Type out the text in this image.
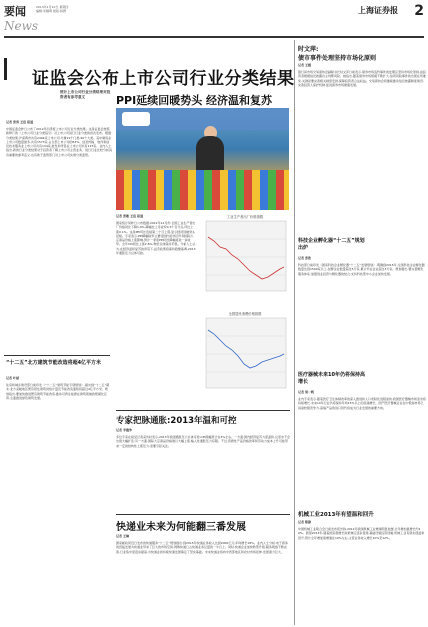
要闻
News
2013年1月10日 星期四
编辑:朱耀明 组版:杨群	上海证券报 2
证监会公布上市公司行业分类结果
统计上市公司行业分类结果对投资者有参考意义
记者 张勇 王佳 报道
中国证监会昨日公布了2012年四季度上市公司行业分类结果。这是证监会按照新修订的《上市公司行业分类指引》对上市公司进行行业分类的首次发布。根据分类结果,沪深两市共有2494家上市公司,分属19个门类,90个大类。其中制造业上市公司数量最多,共有1573家,占全部上市公司的63%。信息传输、软件和信息技术服务业上市公司共有134家,批发和零售业上市公司共有127家。业内人士指出,新的行业分类结果对于投资者了解上市公司主营业务、进行行业比较分析具有重要的参考意义,也有助于监管部门对上市公司实施分类监管。
PPI延续回暖势头 经济温和复苏
记者 张敏 王佳 报道
国家统计局昨日公布数据,2012年12月份,全国工业生产者出厂价格同比下降1.9%,降幅比上月收窄0.3个百分点,环比上涨0.1%。这是PPI环比连续第二个月上涨,显示经济回暖势头延续。专家表示,PPI降幅收窄主要受国内需求回升和国际大宗商品价格上涨影响,预计一季度PPI同比降幅将进一步收窄。全年CPI同比上涨2.6%,物价总体保持平稳。分析人士认为,在经济温和复苏的背景下,货币政策将保持稳健基调,2013年通胀压力总体可控。
工业生产者出厂价格指数
全国居民消费价格指数
时文萍:
债市事件处理坚持市场化原则
记者 王媛
银行间市场交易商协会副秘书长时文萍日前表示,债券市场违约事件的处理应坚持市场化原则,由投资者根据信息披露自主判断风险。她指出,随着债券市场规模不断扩大,信用风险事件的出现在所难免,关键是要完善相关制度安排,保障投资者合法权益。交易商协会将继续推动信息披露制度建设,完善投资人保护机制,促进债券市场健康发展。
科技企业孵化器“十二五”规划出炉
记者 张欣
科技部日前印发《国家科技企业孵化器“十二五”发展规划》,明确到2015年,全国科技企业孵化器数量达到1500家以上,在孵企业数量超过5万家,累计毕业企业超过3万家。规划提出,要完善孵化服务体系,加强创业投资与孵化器的结合,支持科技型中小企业加快发展。
医疗器械未来10年仍将保持高增长
记者 胡一帆
业内专家表示,随着医疗卫生体制改革的深入推进和人口老龄化进程加快,我国医疗器械市场需求将持续增长,未来10年行业仍将保持年均15%以上的高速增长。国产医疗器械企业在中低端市场已具备较强竞争力,高端产品的进口替代将成为行业发展的重要方向。
机械工业2013年有望温和回升
记者 陈静
中国机械工业联合会日前发布报告称,2012年我国机械工业增速明显放缓,全年增加值增长约10%。展望2013年,随着国家稳增长政策效应逐步显现,基础设施投资回暖,机械工业有望实现温和回升,预计全年增加值增速在10%左右,主营业务收入增长10%至12%。
“十二五”北方建筑节能改造将超4亿平方米
记者 叶斌
住房和城乡建设部日前印发《“十二五”建筑节能专项规划》,提出到“十二五”期末,北方采暖地区既有居住建筑供热计量及节能改造面积将超过4亿平方米。规划指出,要加快推进既有建筑节能改造,推动可再生能源在建筑领域的规模化应用,全面推进绿色建筑发展。
专家把脉通胀:2013年温和可控
记者 李雁争
多位专家在接受记者采访时表示,2013年我国通胀压力总体可控,CPI涨幅预计在3%左右。一方面,国内经济复苏力度温和,总需求不会出现大幅扩张;另一方面,国际大宗商品价格难以大幅上涨,输入性通胀压力有限。不过,资源性产品价格改革和劳动力成本上升可能带来一定的结构性上涨压力,需要引起关注。
快递业未来为何能翻三番发展
记者 王琳
国家邮政局近日发布的快递服务“十二五”规划提出,到2015年快递业务收入达到2000亿元,年均增长18%。业内人士分析,电子商务的迅猛发展为快递业带来了巨大的市场空间,网购快递已占快递业务总量的一半以上。同时,快递企业加快转型升级,服务网络不断完善,行业集中度逐步提高,为快递业的持续快速发展奠定了坚实基础。未来快递业将向中西部地区和农村市场延伸,发展潜力巨大。
